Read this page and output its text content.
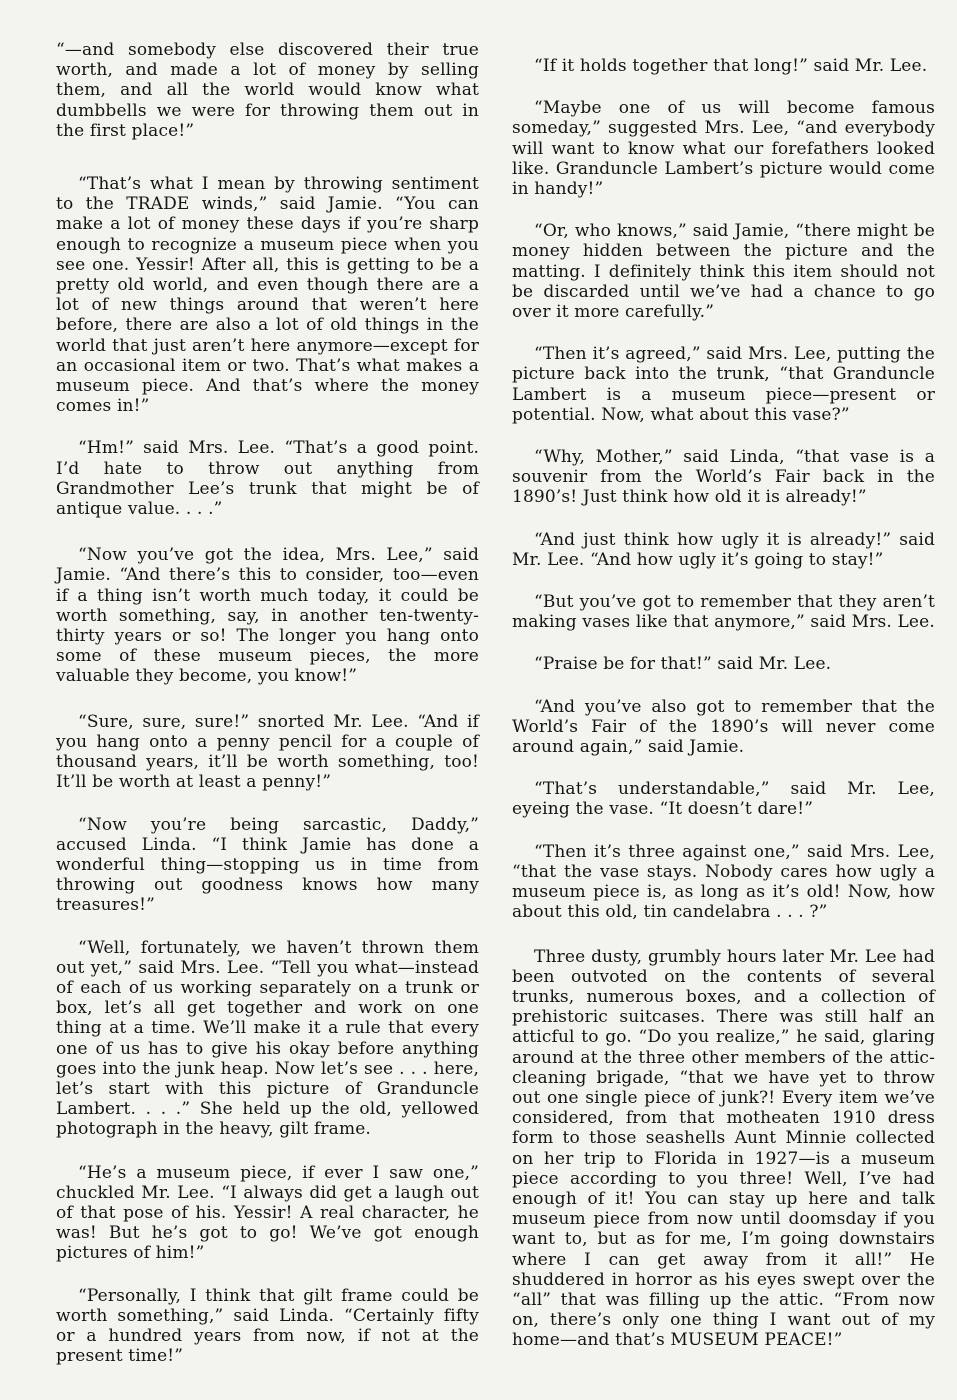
“—and somebody else discovered their true worth, and made a lot of money by selling them, and all the world would know what dumbbells we were for throwing them out in the first place!”

“That’s what I mean by throwing sentiment to the TRADE winds,” said Jamie. “You can make a lot of money these days if you’re sharp enough to recognize a museum piece when you see one. Yessir! After all, this is getting to be a pretty old world, and even though there are a lot of new things around that weren’t here before, there are also a lot of old things in the world that just aren’t here anymore—except for an occasional item or two. That’s what makes a museum piece. And that’s where the money comes in!”

“Hm!” said Mrs. Lee. “That’s a good point. I’d hate to throw out anything from Grandmother Lee’s trunk that might be of antique value. . . .”

“Now you’ve got the idea, Mrs. Lee,” said Jamie. “And there’s this to consider, too—even if a thing isn’t worth much today, it could be worth something, say, in another ten-twenty-thirty years or so! The longer you hang onto some of these museum pieces, the more valuable they become, you know!”

“Sure, sure, sure!” snorted Mr. Lee. “And if you hang onto a penny pencil for a couple of thousand years, it’ll be worth something, too! It’ll be worth at least a penny!”

“Now you’re being sarcastic, Daddy,” accused Linda. “I think Jamie has done a wonderful thing—stopping us in time from throwing out goodness knows how many treasures!”

“Well, fortunately, we haven’t thrown them out yet,” said Mrs. Lee. “Tell you what—instead of each of us working separately on a trunk or box, let’s all get together and work on one thing at a time. We’ll make it a rule that every one of us has to give his okay before anything goes into the junk heap. Now let’s see . . . here, let’s start with this picture of Granduncle Lambert. . . .” She held up the old, yellowed photograph in the heavy, gilt frame.

“He’s a museum piece, if ever I saw one,” chuckled Mr. Lee. “I always did get a laugh out of that pose of his. Yessir! A real character, he was! But he’s got to go! We’ve got enough pictures of him!”

“Personally, I think that gilt frame could be worth something,” said Linda. “Certainly fifty or a hundred years from now, if not at the present time!”

“If it holds together that long!” said Mr. Lee.

“Maybe one of us will become famous someday,” suggested Mrs. Lee, “and everybody will want to know what our forefathers looked like. Granduncle Lambert’s picture would come in handy!”

“Or, who knows,” said Jamie, “there might be money hidden between the picture and the matting. I definitely think this item should not be discarded until we’ve had a chance to go over it more carefully.”

“Then it’s agreed,” said Mrs. Lee, putting the picture back into the trunk, “that Granduncle Lambert is a museum piece—present or potential. Now, what about this vase?”

“Why, Mother,” said Linda, “that vase is a souvenir from the World’s Fair back in the 1890’s! Just think how old it is already!”

“And just think how ugly it is already!” said Mr. Lee. “And how ugly it’s going to stay!”

“But you’ve got to remember that they aren’t making vases like that anymore,” said Mrs. Lee.

“Praise be for that!” said Mr. Lee.

“And you’ve also got to remember that the World’s Fair of the 1890’s will never come around again,” said Jamie.

“That’s understandable,” said Mr. Lee, eyeing the vase. “It doesn’t dare!”

“Then it’s three against one,” said Mrs. Lee, “that the vase stays. Nobody cares how ugly a museum piece is, as long as it’s old! Now, how about this old, tin candelabra . . . ?”

Three dusty, grumbly hours later Mr. Lee had been outvoted on the contents of several trunks, numerous boxes, and a collection of prehistoric suitcases. There was still half an atticful to go. “Do you realize,” he said, glaring around at the three other members of the attic-cleaning brigade, “that we have yet to throw out one single piece of junk?! Every item we’ve considered, from that motheaten 1910 dress form to those seashells Aunt Minnie collected on her trip to Florida in 1927—is a museum piece according to you three! Well, I’ve had enough of it! You can stay up here and talk museum piece from now until doomsday if you want to, but as for me, I’m going downstairs where I can get away from it all!” He shuddered in horror as his eyes swept over the “all” that was filling up the attic. “From now on, there’s only one thing I want out of my home—and that’s MUSEUM PEACE!”
